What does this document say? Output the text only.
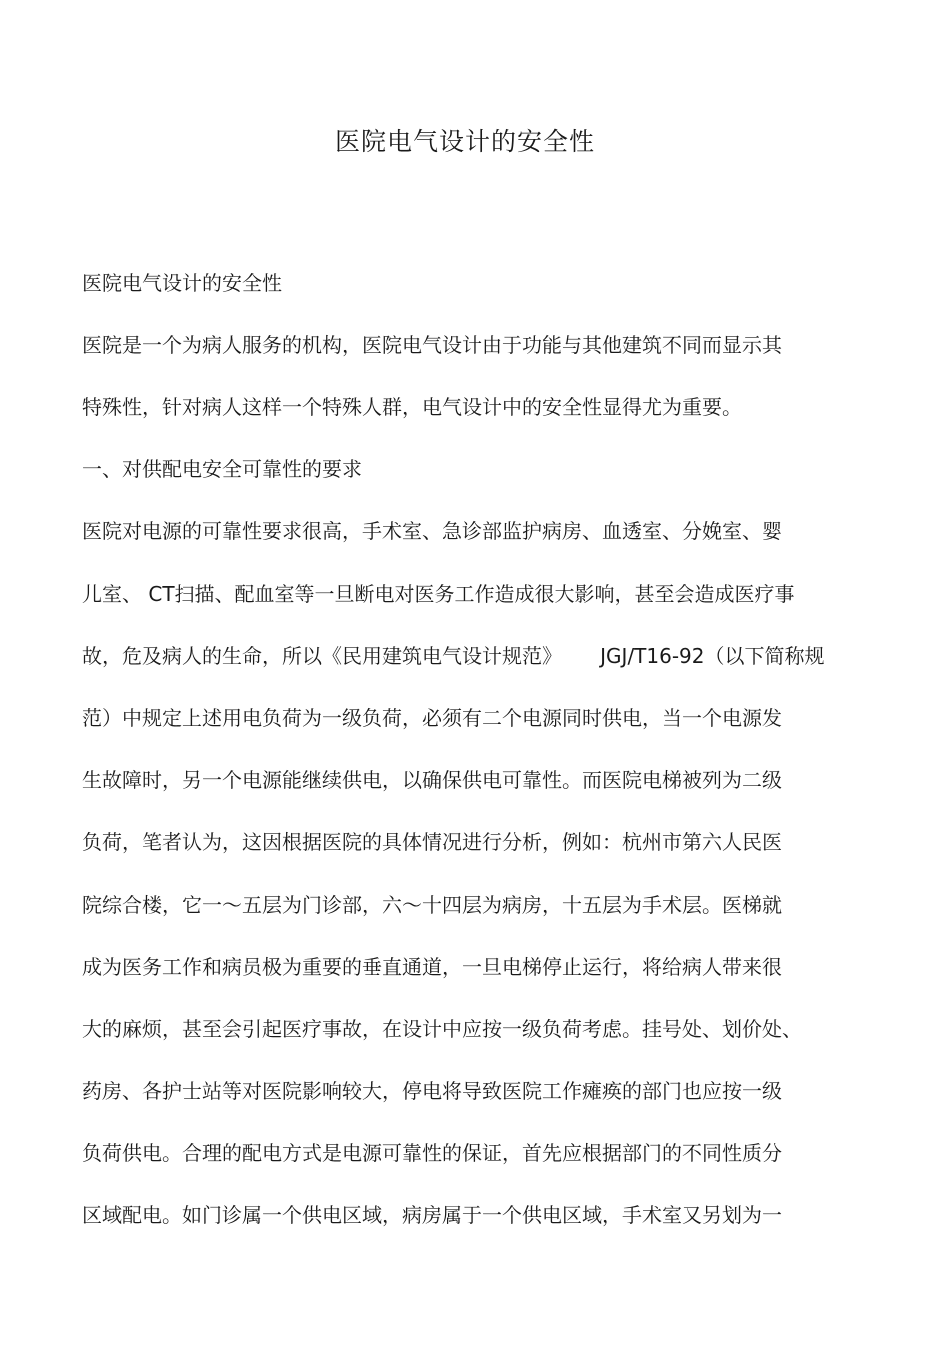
医院电气设计的安全性

医院电气设计的安全性

医院是一个为病人服务的机构，医院电气设计由于功能与其他建筑不同而显示其

特殊性，针对病人这样一个特殊人群，电气设计中的安全性显得尤为重要。

一、对供配电安全可靠性的要求

医院对电源的可靠性要求很高，手术室、急诊部监护病房、血透室、分娩室、婴

儿室、 CT扫描、配血室等一旦断电对医务工作造成很大影响，甚至会造成医疗事

故，危及病人的生命，所以《民用建筑电气设计规范》      JGJ/T16-92（以下简称规

范）中规定上述用电负荷为一级负荷，必须有二个电源同时供电，当一个电源发

生故障时，另一个电源能继续供电，以确保供电可靠性。而医院电梯被列为二级

负荷，笔者认为，这因根据医院的具体情况进行分析，例如：杭州市第六人民医

院综合楼，它一～五层为门诊部，六～十四层为病房，十五层为手术层。医梯就

成为医务工作和病员极为重要的垂直通道，一旦电梯停止运行，将给病人带来很

大的麻烦，甚至会引起医疗事故，在设计中应按一级负荷考虑。挂号处、划价处、

药房、各护士站等对医院影响较大，停电将导致医院工作瘫痪的部门也应按一级

负荷供电。合理的配电方式是电源可靠性的保证，首先应根据部门的不同性质分

区域配电。如门诊属一个供电区域，病房属于一个供电区域，手术室又另划为一
